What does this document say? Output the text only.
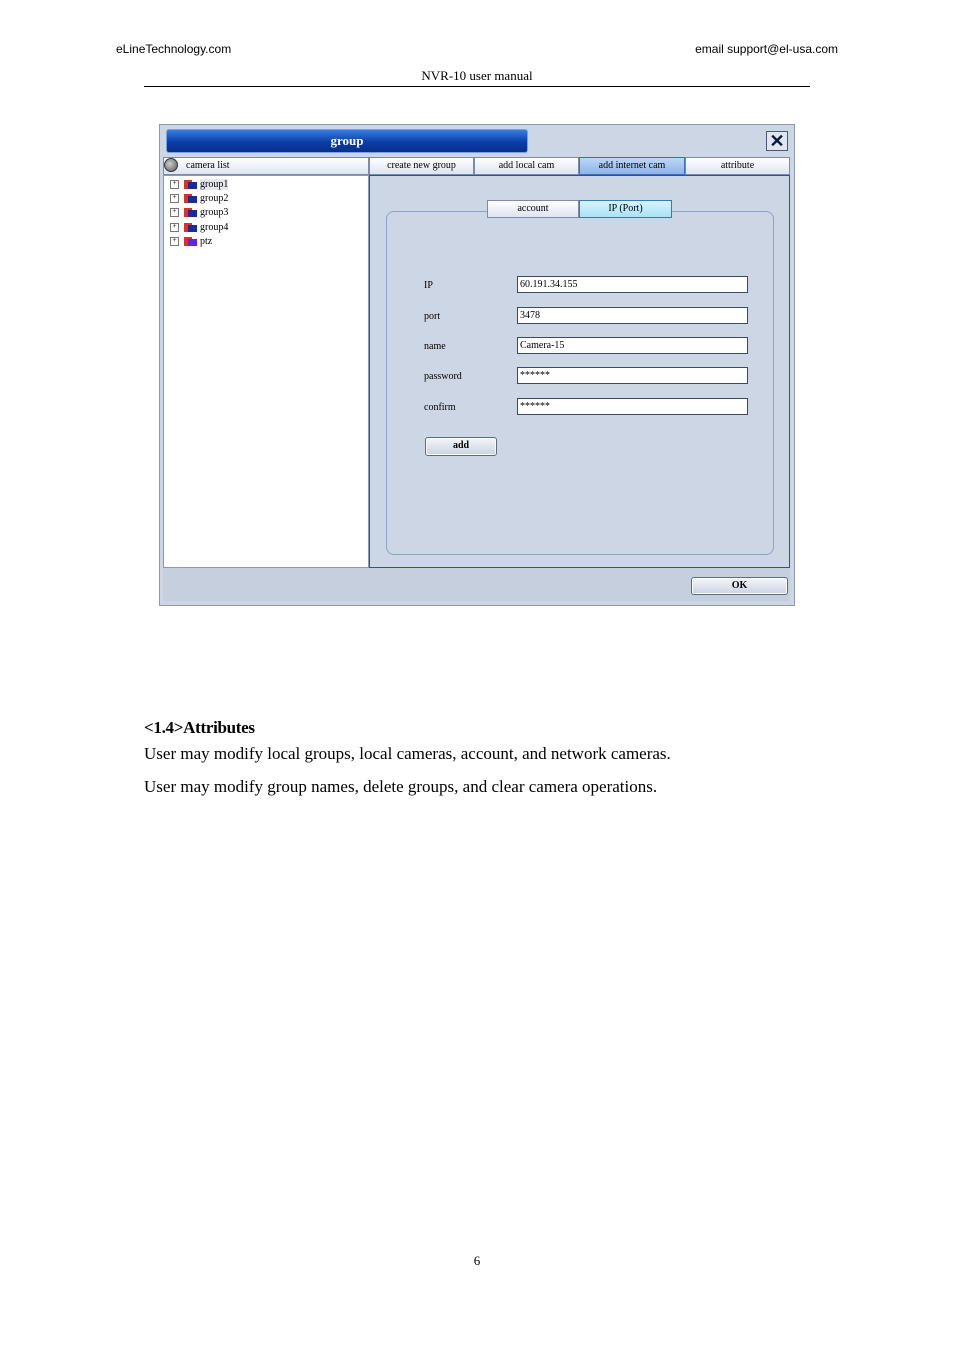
eLineTechnology.com	email support@el-usa.com
NVR-10 user manual
group	✕
camera list	create new group	add local cam	add internet cam	attribute
+ group1
+ group2
+ group3
+ group4
+ ptz
account	IP (Port)
IP	60.191.34.155
port	3478
name	Camera-15
password	******
confirm	******
add
OK
<1.4>Attributes
User may modify local groups, local cameras, account, and network cameras.
User may modify group names, delete groups, and clear camera operations.
6
